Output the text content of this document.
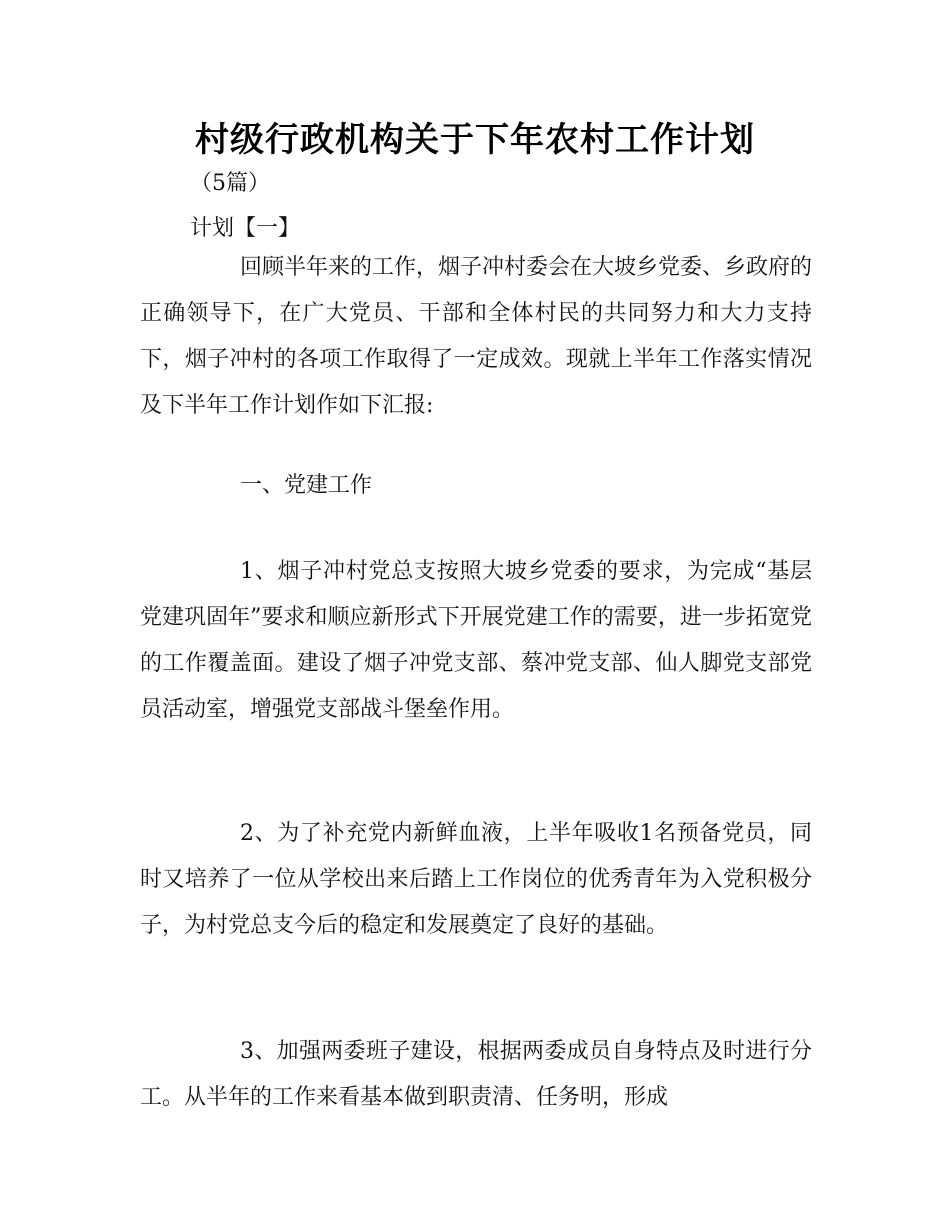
村级行政机构关于下年农村工作计划
（5篇）
计划【一】

回顾半年来的工作，烟子冲村委会在大坡乡党委、乡政府的正确领导下，在广大党员、干部和全体村民的共同努力和大力支持下，烟子冲村的各项工作取得了一定成效。现就上半年工作落实情况及下半年工作计划作如下汇报:

一、党建工作

1、烟子冲村党总支按照大坡乡党委的要求，为完成“基层党建巩固年”要求和顺应新形式下开展党建工作的需要，进一步拓宽党的工作覆盖面。建设了烟子冲党支部、蔡冲党支部、仙人脚党支部党员活动室，增强党支部战斗堡垒作用。

2、为了补充党内新鲜血液，上半年吸收1名预备党员，同时又培养了一位从学校出来后踏上工作岗位的优秀青年为入党积极分子，为村党总支今后的稳定和发展奠定了良好的基础。

3、加强两委班子建设，根据两委成员自身特点及时进行分工。从半年的工作来看基本做到职责清、任务明，形成
